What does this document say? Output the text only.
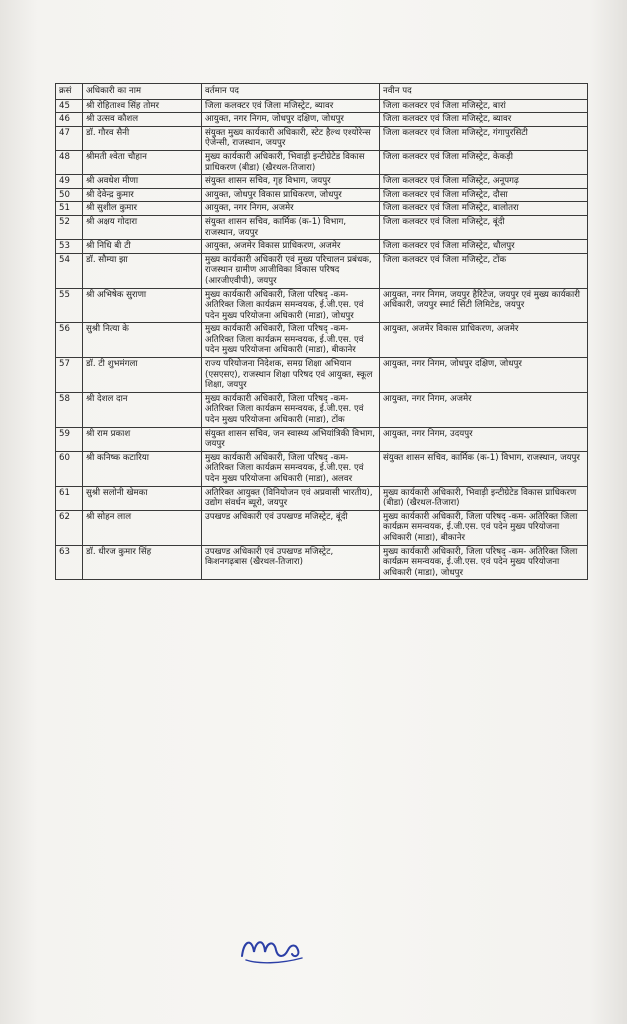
क्रसं	अधिकारी का नाम	वर्तमान पद	नवीन पद
45	श्री रोहिताश्व सिंह तोमर	जिला कलक्टर एवं जिला मजिस्ट्रेट, ब्यावर	जिला कलक्टर एवं जिला मजिस्ट्रेट, बारां
46	श्री उत्सव कौशल	आयुक्त, नगर निगम, जोधपुर दक्षिण, जोधपुर	जिला कलक्टर एवं जिला मजिस्ट्रेट, ब्यावर
47	डॉ. गौरव सैनी	संयुक्त मुख्य कार्यकारी अधिकारी, स्टेट हैल्थ एश्योरेन्स ऐजेन्सी, राजस्थान, जयपुर	जिला कलक्टर एवं जिला मजिस्ट्रेट, गंगापुरसिटी
48	श्रीमती श्वेता चौहान	मुख्य कार्यकारी अधिकारी, भिवाड़ी इन्टीग्रेटेड विकास प्राधिकरण (बीडा) (खैरथल-तिजारा)	जिला कलक्टर एवं जिला मजिस्ट्रेट, केकड़ी
49	श्री अवधेश मीणा	संयुक्त शासन सचिव, गृह विभाग, जयपुर	जिला कलक्टर एवं जिला मजिस्ट्रेट, अनूपगढ़
50	श्री देवेन्द्र कुमार	आयुक्त, जोधपुर विकास प्राधिकरण, जोधपुर	जिला कलक्टर एवं जिला मजिस्ट्रेट, दौसा
51	श्री सुशील कुमार	आयुक्त, नगर निगम, अजमेर	जिला कलक्टर एवं जिला मजिस्ट्रेट, बालोतरा
52	श्री अक्षय गोदारा	संयुक्त शासन सचिव, कार्मिक (क-1) विभाग, राजस्थान, जयपुर	जिला कलक्टर एवं जिला मजिस्ट्रेट, बूंदी
53	श्री निधि बी टी	आयुक्त, अजमेर विकास प्राधिकरण, अजमेर	जिला कलक्टर एवं जिला मजिस्ट्रेट, धौलपुर
54	डॉ. सौम्या झा	मुख्य कार्यकारी अधिकारी एवं मुख्य परिचालन प्रबंधक, राजस्थान ग्रामीण आजीविका विकास परिषद (आरजीएवीपी), जयपुर	जिला कलक्टर एवं जिला मजिस्ट्रेट, टोंक
55	श्री अभिषेक सुराणा	मुख्य कार्यकारी अधिकारी, जिला परिषद् -कम- अतिरिक्त जिला कार्यक्रम समन्वयक, ई.जी.एस. एवं पदेन मुख्य परियोजना अधिकारी (माडा), जोधपुर	आयुक्त, नगर निगम, जयपुर हैरिटेज, जयपुर एवं मुख्य कार्यकारी अधिकारी, जयपुर स्मार्ट सिटी लिमिटेड, जयपुर
56	सुश्री नित्या के	मुख्य कार्यकारी अधिकारी, जिला परिषद् -कम- अतिरिक्त जिला कार्यक्रम समन्वयक, ई.जी.एस. एवं पदेन मुख्य परियोजना अधिकारी (माडा), बीकानेर	आयुक्त, अजमेर विकास प्राधिकरण, अजमेर
57	डॉ. टी शुभमंगला	राज्य परियोजना निदेशक, समग्र शिक्षा अभियान (एसएसए), राजस्थान शिक्षा परिषद एवं आयुक्त, स्कूल शिक्षा, जयपुर	आयुक्त, नगर निगम, जोधपुर दक्षिण, जोधपुर
58	श्री देशल दान	मुख्य कार्यकारी अधिकारी, जिला परिषद् -कम- अतिरिक्त जिला कार्यक्रम समन्वयक, ई.जी.एस. एवं पदेन मुख्य परियोजना अधिकारी (माडा), टोंक	आयुक्त, नगर निगम, अजमेर
59	श्री राम प्रकाश	संयुक्त शासन सचिव, जन स्वास्थ्य अभियांत्रिकी विभाग, जयपुर	आयुक्त, नगर निगम, उदयपुर
60	श्री कनिष्क कटारिया	मुख्य कार्यकारी अधिकारी, जिला परिषद् -कम- अतिरिक्त जिला कार्यक्रम समन्वयक, ई.जी.एस. एवं पदेन मुख्य परियोजना अधिकारी (माडा), अलवर	संयुक्त शासन सचिव, कार्मिक (क-1) विभाग, राजस्थान, जयपुर
61	सुश्री सलोनी खेमका	अतिरिक्त आयुक्त (विनियोजन एवं अप्रवासी भारतीय), उद्योग संवर्धन ब्यूरो, जयपुर	मुख्य कार्यकारी अधिकारी, भिवाड़ी इन्टीग्रेटेड विकास प्राधिकरण (बीडा) (खैरथल-तिजारा)
62	श्री सोहन लाल	उपखण्ड अधिकारी एवं उपखण्ड मजिस्ट्रेट, बूंदी	मुख्य कार्यकारी अधिकारी, जिला परिषद् -कम- अतिरिक्त जिला कार्यक्रम समन्वयक, ई.जी.एस. एवं पदेन मुख्य परियोजना अधिकारी (माडा), बीकानेर
63	डॉ. धीरज कुमार सिंह	उपखण्ड अधिकारी एवं उपखण्ड मजिस्ट्रेट, किशनगढ़बास (खैरथल-तिजारा)	मुख्य कार्यकारी अधिकारी, जिला परिषद् -कम- अतिरिक्त जिला कार्यक्रम समन्वयक, ई.जी.एस. एवं पदेन मुख्य परियोजना अधिकारी (माडा), जोधपुर
